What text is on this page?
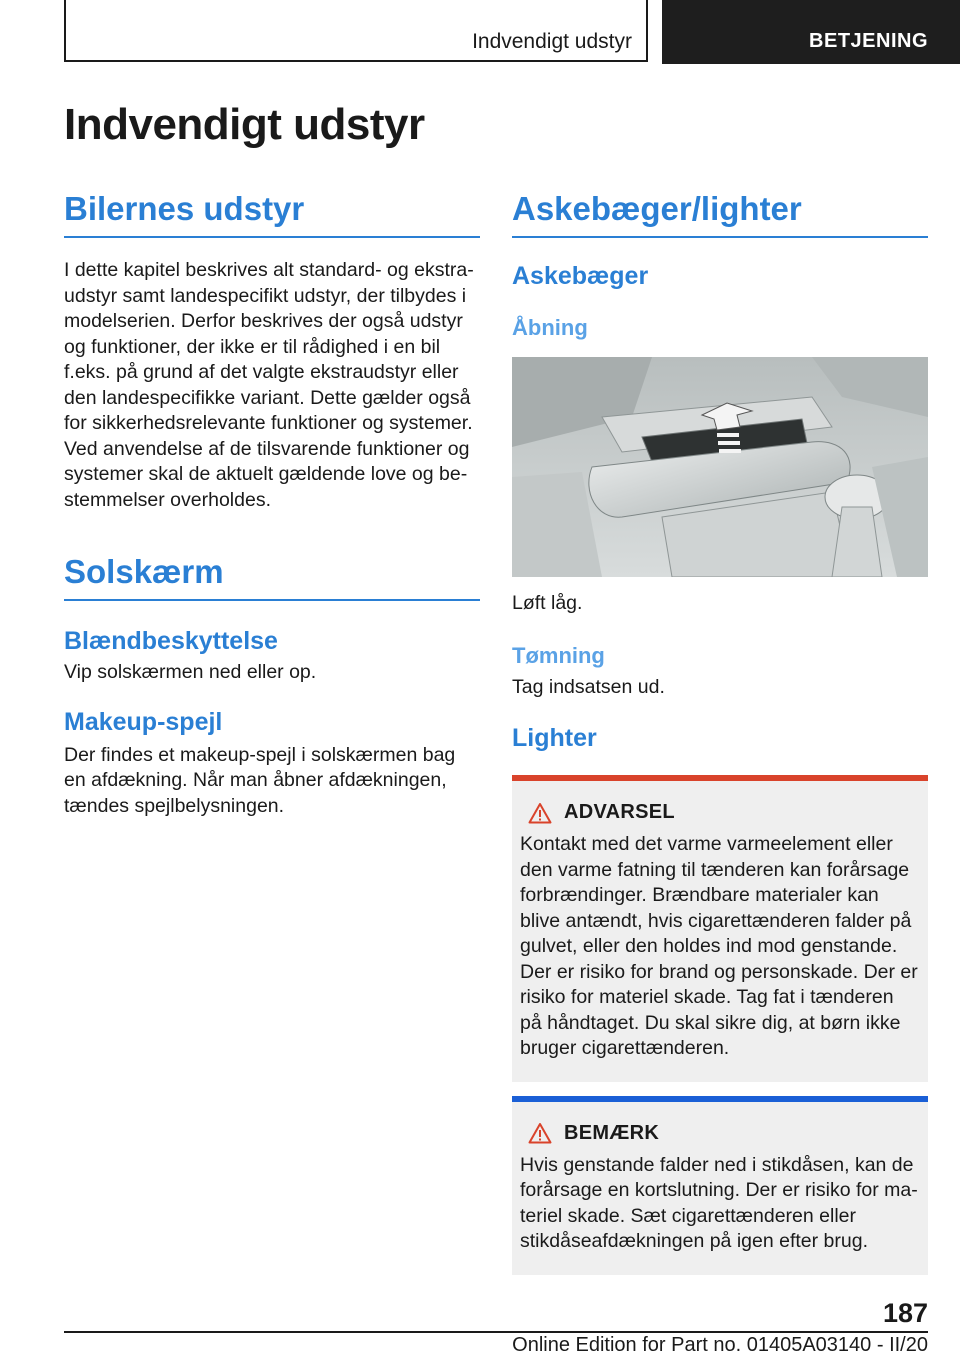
Indvendigt udstyr	BETJENING
Indvendigt udstyr
Bilernes udstyr

I dette kapitel beskrives alt standard- og ekstraudstyr samt landespecifikt udstyr, der tilbydes i modelserien. Derfor beskrives der også udstyr og funktioner, der ikke er til rådighed i en bil f.eks. på grund af det valgte ekstraudstyr eller den landespecifikke variant. Dette gælder også for sikkerhedsrelevante funktioner og systemer. Ved anvendelse af de tilsvarende funktioner og systemer skal de aktuelt gældende love og bestemmelser overholdes.

Solskærm
Blændbeskyttelse

Vip solskærmen ned eller op.

Makeup-spejl

Der findes et makeup-spejl i solskærmen bag en afdækning. Når man åbner afdækningen, tændes spejlbelysningen.

Askebæger/lighter
Askebæger
Åbning

Løft låg.

Tømning

Tag indsatsen ud.

Lighter
ADVARSEL
Kontakt med det varme varmeelement eller den varme fatning til tænderen kan forårsage forbrændinger. Brændbare materialer kan blive antændt, hvis cigarettænderen falder på gulvet, eller den holdes ind mod genstande. Der er risiko for brand og personskade. Der er risiko for materiel skade. Tag fat i tænderen på håndtaget. Du skal sikre dig, at børn ikke bruger cigarettænderen.
BEMÆRK
Hvis genstande falder ned i stikdåsen, kan de forårsage en kortslutning. Der er risiko for materiel skade. Sæt cigarettænderen eller stikdåseafdækningen på igen efter brug.
187
Online Edition for Part no. 01405A03140 - II/20
